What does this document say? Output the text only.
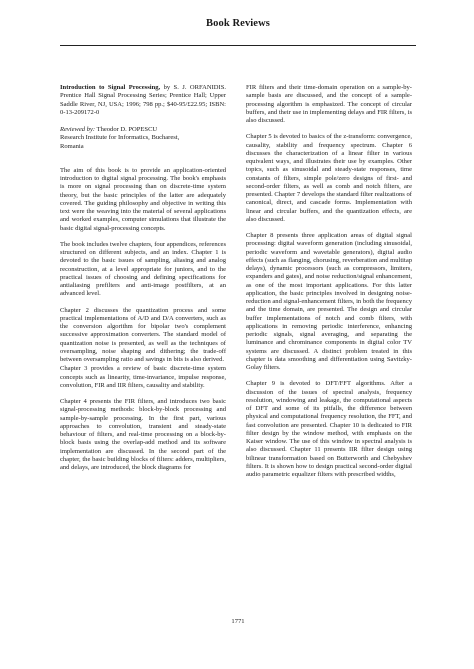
Book Reviews
Introduction to Signal Processing, by S. J. ORFANIDIS. Prentice Hall Signal Processing Series; Prentice Hall; Upper Saddle River, NJ, USA; 1996; 798 pp.; $40-95/£22.95; ISBN: 0-13-209172-0
Reviewed by: Theodor D. POPESCU
Research Institute for Informatics, Bucharest,
Romania

The aim of this book is to provide an application-oriented introduction to digital signal processing. The book's emphasis is more on signal processing than on discrete-time system theory, but the basic principles of the latter are adequately covered. The guiding philosophy and objective in writing this text were the weaving into the material of several applications and worked examples, computer simulations that illustrate the basic digital signal-processing concepts.

The book includes twelve chapters, four appendices, references structured on different subjects, and an index. Chapter 1 is devoted to the basic issues of sampling, aliasing and analog reconstruction, at a level appropriate for juniors, and to the practical issues of choosing and defining specifications for antialiasing prefilters and anti-image postfilters, at an advanced level.

Chapter 2 discusses the quantization process and some practical implementations of A/D and D/A converters, such as the conversion algorithm for bipolar two's complement successive approximation converters. The standard model of quantization noise is presented, as well as the techniques of oversampling, noise shaping and dithering; the trade-off between oversampling ratio and savings in bits is also derived.

Chapter 3 provides a review of basic discrete-time system concepts such as linearity, time-invariance, impulse response, convolution, FIR and IIR filters, causality and stability.

Chapter 4 presents the FIR filters, and introduces two basic signal-processing methods: block-by-block processing and sample-by-sample processing. In the first part, various approaches to convolution, transient and steady-state behaviour of filters, and real-time processing on a block-by-block basis using the overlap-add method and its software implementation are discussed. In the second part of the chapter, the basic building blocks of filters: adders, multipliers, and delays, are introduced, the block diagrams for

FIR filters and their time-domain operation on a sample-by-sample basis are discussed, and the concept of a sample-processing algorithm is emphasized. The concept of circular buffers, and their use in implementing delays and FIR filters, is also discussed.

Chapter 5 is devoted to basics of the z-transform: convergence, causality, stability and frequency spectrum. Chapter 6 discusses the characterization of a linear filter in various equivalent ways, and illustrates their use by examples. Other topics, such as sinusoidal and steady-state responses, time constants of filters, simple pole/zero designs of first- and second-order filters, as well as comb and notch filters, are presented. Chapter 7 develops the standard filter realizations of canonical, direct, and cascade forms. Implementation with linear and circular buffers, and the quantization effects, are also discussed.

Chapter 8 presents three application areas of digital signal processing: digital waveform generation (including sinusoidal, periodic waveform and wavetable generators), digital audio effects (such as flanging, chorusing, reverberation and multitap delays), dynamic processors (such as compressors, limiters, expanders and gates), and noise reduction/signal enhancement, as one of the most important applications. For this latter application, the basic principles involved in designing noise-reduction and signal-enhancement filters, in both the frequency and the time domain, are presented. The design and circular buffer implementations of notch and comb filters, with applications in removing periodic interference, enhancing periodic signals, signal averaging, and separating the luminance and chrominance components in digital color TV systems are discussed. A distinct problem treated in this chapter is data smoothing and differentiation using Savitzky-Golay filters.

Chapter 9 is devoted to DFT/FFT algorithms. After a discussion of the issues of spectral analysis, frequency resolution, windowing and leakage, the computational aspects of DFT and some of its pitfalls, the difference between physical and computational frequency resolution, the FFT, and fast convolution are presented. Chapter 10 is dedicated to FIR filter design by the window method, with emphasis on the Kaiser window. The use of this window in spectral analysis is also discussed. Chapter 11 presents IIR filter design using bilinear transformation based on Butterworth and Chebyshev filters. It is shown how to design practical second-order digital audio parametric equalizer filters with prescribed widths,

1771
